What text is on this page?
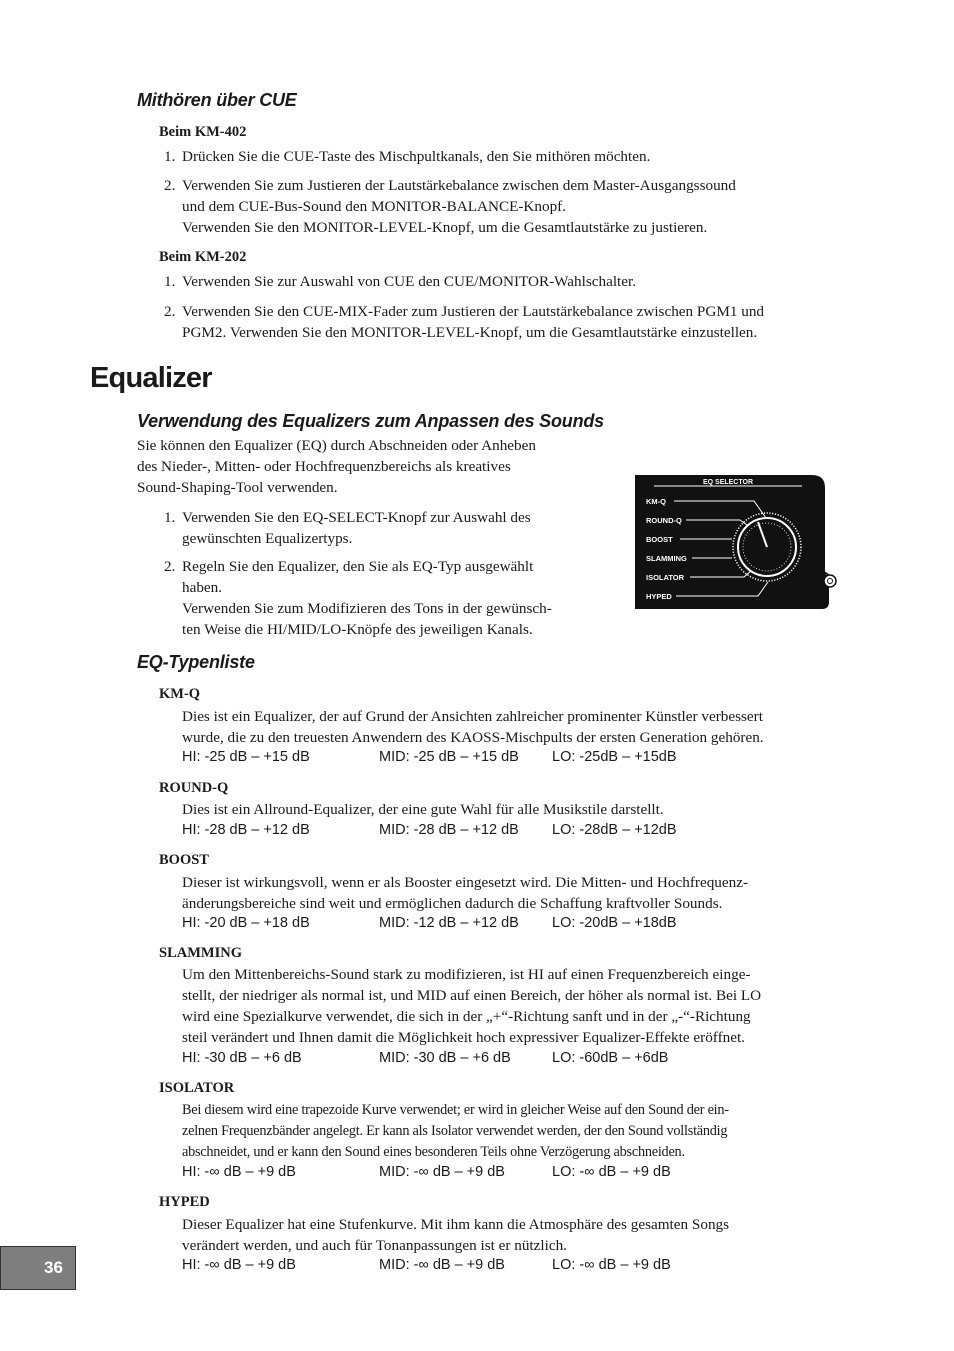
Mithören über CUE
Beim KM-402
1. Drücken Sie die CUE-Taste des Mischpultkanals, den Sie mithören möchten.
2. Verwenden Sie zum Justieren der Lautstärkebalance zwischen dem Master-Ausgangssound
und dem CUE-Bus-Sound den MONITOR-BALANCE-Knopf.
Verwenden Sie den MONITOR-LEVEL-Knopf, um die Gesamtlautstärke zu justieren.
Beim KM-202
1. Verwenden Sie zur Auswahl von CUE den CUE/MONITOR-Wahlschalter.
2. Verwenden Sie den CUE-MIX-Fader zum Justieren der Lautstärkebalance zwischen PGM1 und
PGM2. Verwenden Sie den MONITOR-LEVEL-Knopf, um die Gesamtlautstärke einzustellen.
Equalizer
Verwendung des Equalizers zum Anpassen des Sounds
Sie können den Equalizer (EQ) durch Abschneiden oder Anheben
des Nieder-, Mitten- oder Hochfrequenzbereichs als kreatives
Sound-Shaping-Tool verwenden.
1. Verwenden Sie den EQ-SELECT-Knopf zur Auswahl des
gewünschten Equalizertyps.
2. Regeln Sie den Equalizer, den Sie als EQ-Typ ausgewählt
haben.
Verwenden Sie zum Modifizieren des Tons in der gewünsch-
ten Weise die HI/MID/LO-Knöpfe des jeweiligen Kanals.
EQ SELECTOR
KM-Q
ROUND-Q
BOOST
SLAMMING
ISOLATOR
HYPED
EQ-Typenliste
KM-Q
Dies ist ein Equalizer, der auf Grund der Ansichten zahlreicher prominenter Künstler verbessert
wurde, die zu den treuesten Anwendern des KAOSS-Mischpults der ersten Generation gehören.
HI: -25 dB – +15 dB	MID: -25 dB – +15 dB LO: -25dB – +15dB
ROUND-Q
Dies ist ein Allround-Equalizer, der eine gute Wahl für alle Musikstile darstellt.
HI: -28 dB – +12 dB	MID: -28 dB – +12 dB LO: -28dB – +12dB
BOOST
Dieser ist wirkungsvoll, wenn er als Booster eingesetzt wird. Die Mitten- und Hochfrequenz-
änderungsbereiche sind weit und ermöglichen dadurch die Schaffung kraftvoller Sounds.
HI: -20 dB – +18 dB	MID: -12 dB – +12 dB LO: -20dB – +18dB
SLAMMING
Um den Mittenbereichs-Sound stark zu modifizieren, ist HI auf einen Frequenzbereich einge-
stellt, der niedriger als normal ist, und MID auf einen Bereich, der höher als normal ist. Bei LO
wird eine Spezialkurve verwendet, die sich in der „+“-Richtung sanft und in der „-“-Richtung
steil verändert und Ihnen damit die Möglichkeit hoch expressiver Equalizer-Effekte eröffnet.
HI: -30 dB – +6 dB	MID: -30 dB – +6 dB	LO: -60dB – +6dB
ISOLATOR
Bei diesem wird eine trapezoide Kurve verwendet; er wird in gleicher Weise auf den Sound der ein-
zelnen Frequenzbänder angelegt. Er kann als Isolator verwendet werden, der den Sound vollständig
abschneidet, und er kann den Sound eines besonderen Teils ohne Verzögerung abschneiden.
HI: -∞ dB – +9 dB	MID: -∞ dB – +9 dB	LO: -∞ dB – +9 dB
HYPED
Dieser Equalizer hat eine Stufenkurve. Mit ihm kann die Atmosphäre des gesamten Songs
verändert werden, und auch für Tonanpassungen ist er nützlich.
HI: -∞ dB – +9 dB	MID: -∞ dB – +9 dB	LO: -∞ dB – +9 dB
36
